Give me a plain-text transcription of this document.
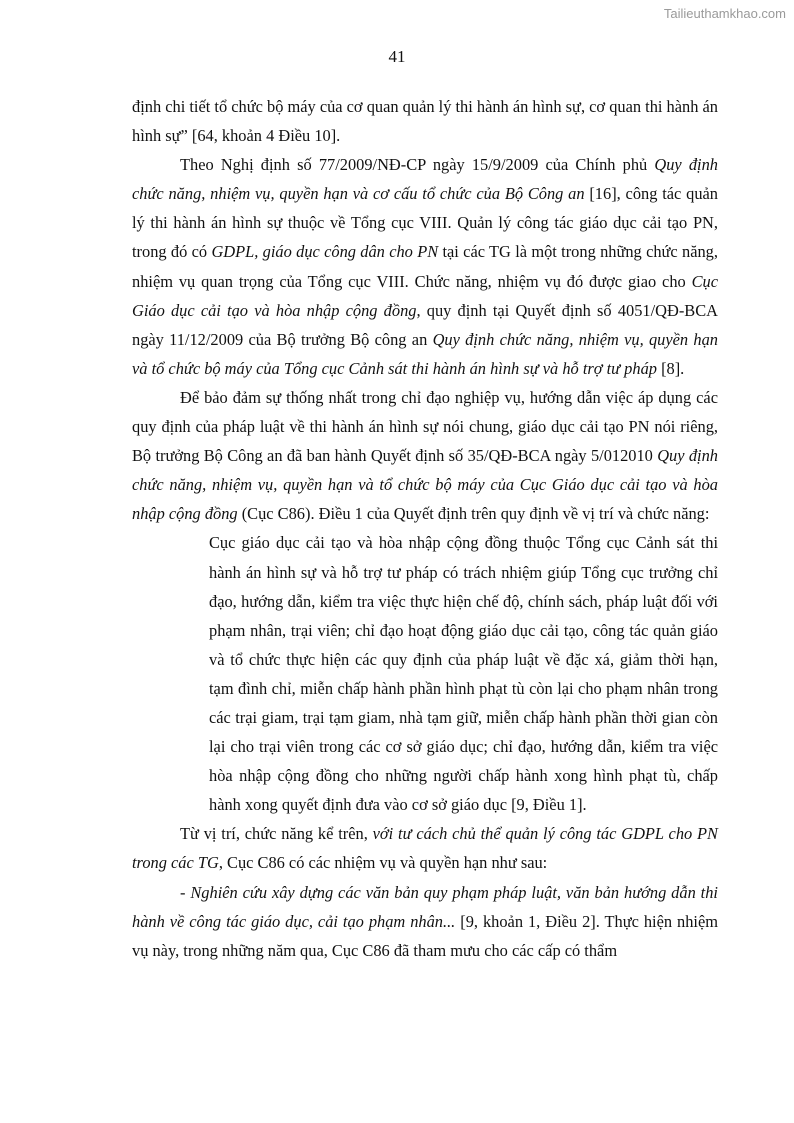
Tailieuthamkhao.com
41

định chi tiết tổ chức bộ máy của cơ quan quản lý thi hành án hình sự, cơ quan thi hành án hình sự” [64, khoản 4 Điều 10].

Theo Nghị định số 77/2009/NĐ-CP ngày 15/9/2009 của Chính phủ Quy định chức năng, nhiệm vụ, quyền hạn và cơ cấu tổ chức của Bộ Công an [16], công tác quản lý thi hành án hình sự thuộc về Tổng cục VIII. Quản lý công tác giáo dục cải tạo PN, trong đó có GDPL, giáo dục công dân cho PN tại các TG là một trong những chức năng, nhiệm vụ quan trọng của Tổng cục VIII. Chức năng, nhiệm vụ đó được giao cho Cục Giáo dục cải tạo và hòa nhập cộng đồng, quy định tại Quyết định số 4051/QĐ-BCA ngày 11/12/2009 của Bộ trưởng Bộ công an Quy định chức năng, nhiệm vụ, quyền hạn và tổ chức bộ máy của Tổng cục Cảnh sát thi hành án hình sự và hỗ trợ tư pháp [8].

Để bảo đảm sự thống nhất trong chỉ đạo nghiệp vụ, hướng dẫn việc áp dụng các quy định của pháp luật về thi hành án hình sự nói chung, giáo dục cải tạo PN nói riêng, Bộ trưởng Bộ Công an đã ban hành Quyết định số 35/QĐ-BCA ngày 5/012010 Quy định chức năng, nhiệm vụ, quyền hạn và tổ chức bộ máy của Cục Giáo dục cải tạo và hòa nhập cộng đồng (Cục C86). Điều 1 của Quyết định trên quy định về vị trí và chức năng:

Cục giáo dục cải tạo và hòa nhập cộng đồng thuộc Tổng cục Cảnh sát thi hành án hình sự và hỗ trợ tư pháp có trách nhiệm giúp Tổng cục trưởng chỉ đạo, hướng dẫn, kiểm tra việc thực hiện chế độ, chính sách, pháp luật đối với phạm nhân, trại viên; chỉ đạo hoạt động giáo dục cải tạo, công tác quản giáo và tổ chức thực hiện các quy định của pháp luật về đặc xá, giảm thời hạn, tạm đình chỉ, miễn chấp hành phần hình phạt tù còn lại cho phạm nhân trong các trại giam, trại tạm giam, nhà tạm giữ, miễn chấp hành phần thời gian còn lại cho trại viên trong các cơ sở giáo dục; chỉ đạo, hướng dẫn, kiểm tra việc hòa nhập cộng đồng cho những người chấp hành xong hình phạt tù, chấp hành xong quyết định đưa vào cơ sở giáo dục [9, Điều 1].

Từ vị trí, chức năng kể trên, với tư cách chủ thể quản lý công tác GDPL cho PN trong các TG, Cục C86 có các nhiệm vụ và quyền hạn như sau:

- Nghiên cứu xây dựng các văn bản quy phạm pháp luật, văn bản hướng dẫn thi hành về công tác giáo dục, cải tạo phạm nhân... [9, khoản 1, Điều 2]. Thực hiện nhiệm vụ này, trong những năm qua, Cục C86 đã tham mưu cho các cấp có thẩm
